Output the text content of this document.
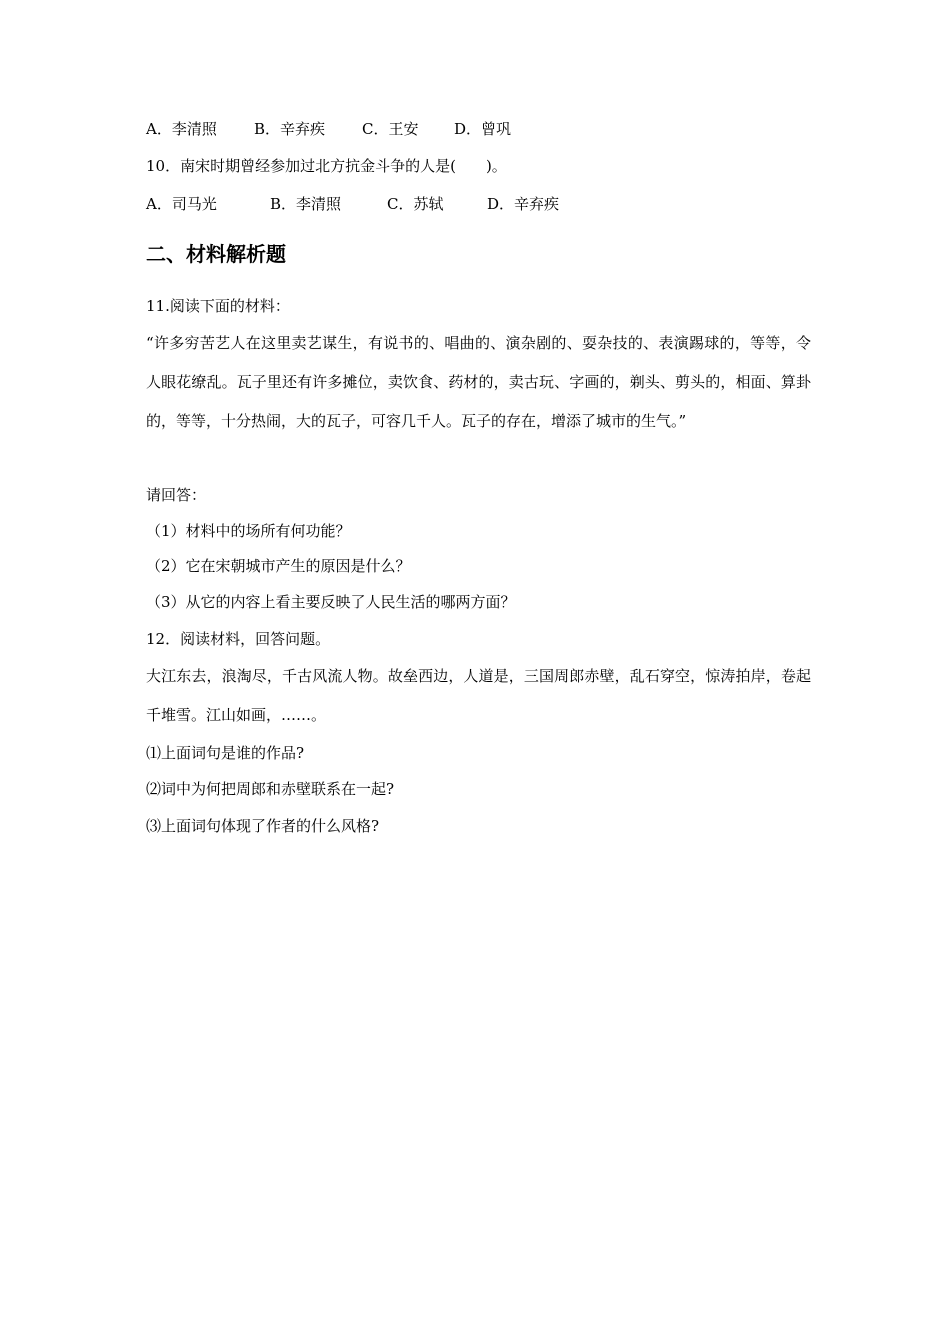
A．李清照 B．辛弃疾 C．王安 D．曾巩
10．南宋时期曾经参加过北方抗金斗争的人是(　　)。
A．司马光	B．李清照	C．苏轼	D．辛弃疾
二、材料解析题
11.阅读下面的材料：
“许多穷苦艺人在这里卖艺谋生，有说书的、唱曲的、演杂剧的、耍杂技的、表演踢球的，等等，令人眼花缭乱。瓦子里还有许多摊位，卖饮食、药材的，卖古玩、字画的，剃头、剪头的，相面、算卦的，等等，十分热闹，大的瓦子，可容几千人。瓦子的存在，增添了城市的生气。”
请回答：
（1）材料中的场所有何功能？
（2）它在宋朝城市产生的原因是什么？
（3）从它的内容上看主要反映了人民生活的哪两方面？
12．阅读材料，回答问题。
大江东去，浪淘尽，千古风流人物。故垒西边，人道是，三国周郎赤壁，乱石穿空，惊涛拍岸，卷起千堆雪。江山如画，……。
⑴上面词句是谁的作品?
⑵词中为何把周郎和赤壁联系在一起?
⑶上面词句体现了作者的什么风格?
